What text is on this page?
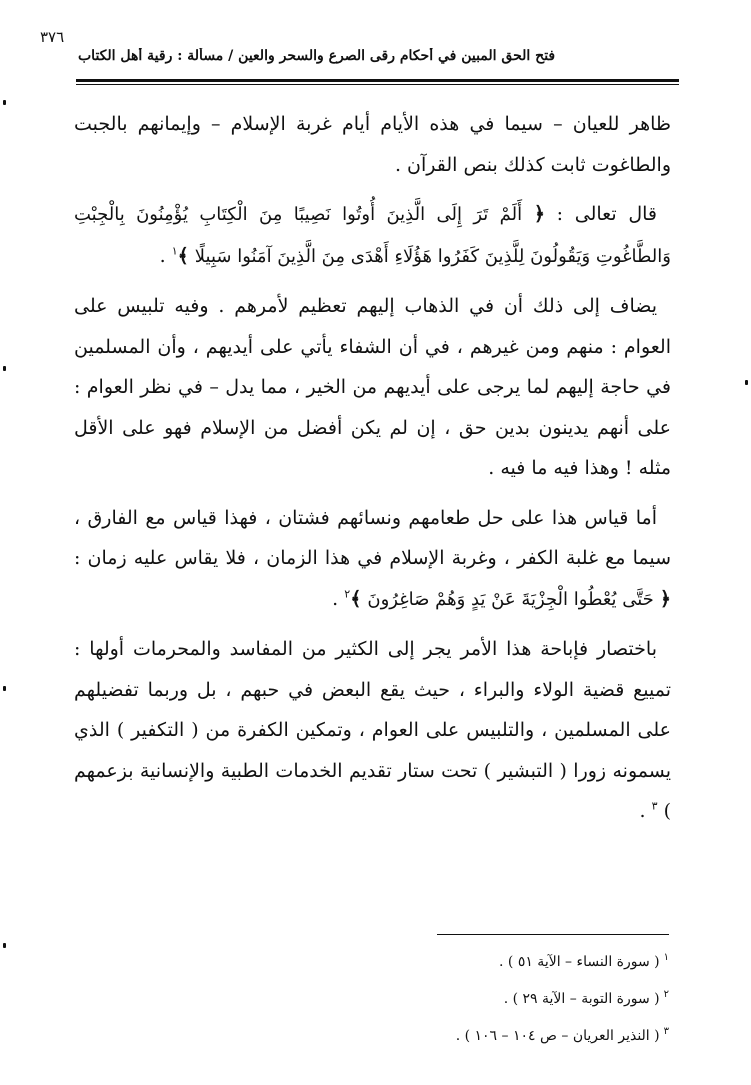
٣٧٦
فتح الحق المبين في أحكام رقى الصرع والسحر والعين / مسألة : رقية أهل الكتاب

ظاهر للعيان – سيما في هذه الأيام أيام غربة الإسلام – وإيمانهم بالجبت والطاغوت ثابت كذلك بنص القرآن .

قال تعالى : ﴿ أَلَمْ تَرَ إِلَى الَّذِينَ أُوتُوا نَصِيبًا مِنَ الْكِتَابِ يُؤْمِنُونَ بِالْجِبْتِ وَالطَّاغُوتِ وَيَقُولُونَ لِلَّذِينَ كَفَرُوا هَؤُلَاءِ أَهْدَى مِنَ الَّذِينَ آمَنُوا سَبِيلًا ﴾$^١$ .

يضاف إلى ذلك أن في الذهاب إليهم تعظيم لأمرهم . وفيه تلبيس على العوام : منهم ومن غيرهم ، في أن الشفاء يأتي على أيديهم ، وأن المسلمين في حاجة إليهم لما يرجى على أيديهم من الخير ، مما يدل – في نظر العوام : على أنهم يدينون بدين حق ، إن لم يكن أفضل من الإسلام فهو على الأقل مثله ! وهذا فيه ما فيه .

أما قياس هذا على حل طعامهم ونسائهم فشتان ، فهذا قياس مع الفارق ، سيما مع غلبة الكفر ، وغربة الإسلام في هذا الزمان ، فلا يقاس عليه زمان : ﴿ حَتَّى يُعْطُوا الْجِزْيَةَ عَنْ يَدٍ وَهُمْ صَاغِرُونَ ﴾$^٢$ .

باختصار فإباحة هذا الأمر يجر إلى الكثير من المفاسد والمحرمات أولها : تمييع قضية الولاء والبراء ، حيث يقع البعض في حبهم ، بل وربما تفضيلهم على المسلمين ، والتلبيس على العوام ، وتمكين الكفرة من ( التكفير ) الذي يسمونه زورا ( التبشير ) تحت ستار تقديم الخدمات الطبية والإنسانية بزعمهم ) $^٣$ .

$^١$( سورة النساء – الآية ٥١ ) .
$^٢$( سورة التوبة – الآية ٢٩ ) .
$^٣$( النذير العريان – ص ١٠٤ – ١٠٦ ) .
